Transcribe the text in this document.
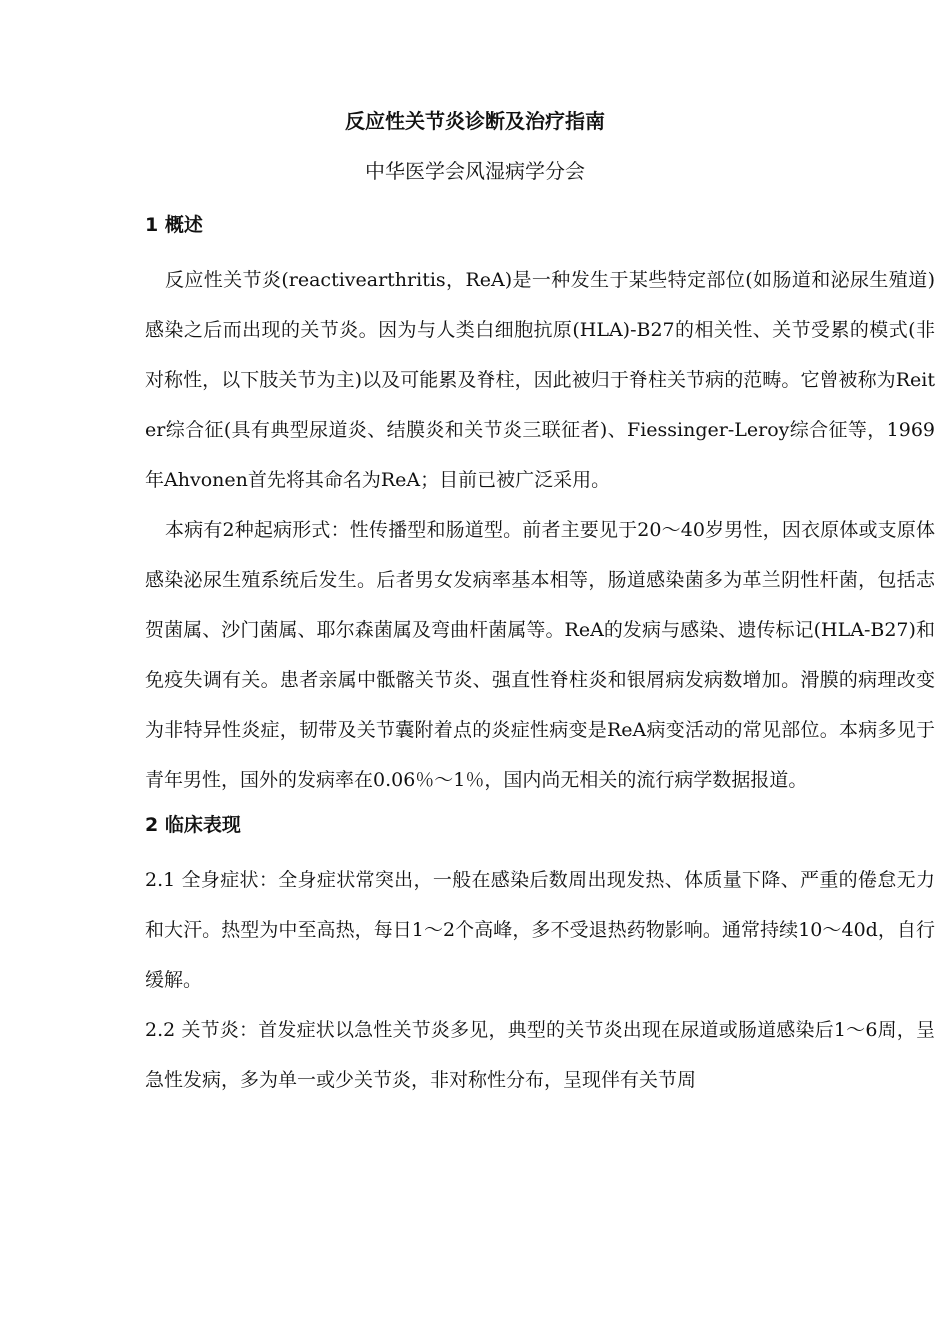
反应性关节炎诊断及治疗指南
中华医学会风湿病学分会

1 概述

反应性关节炎(reactivearthritis，ReA)是一种发生于某些特定部位(如肠道和泌尿生殖道)感染之后而出现的关节炎。因为与人类白细胞抗原(HLA)-B27的相关性、关节受累的模式(非对称性，以下肢关节为主)以及可能累及脊柱，因此被归于脊柱关节病的范畴。它曾被称为Reiter综合征(具有典型尿道炎、结膜炎和关节炎三联征者)、Fiessinger-Leroy综合征等，1969年Ahvonen首先将其命名为ReA；目前已被广泛采用。

本病有2种起病形式：性传播型和肠道型。前者主要见于20～40岁男性，因衣原体或支原体感染泌尿生殖系统后发生。后者男女发病率基本相等，肠道感染菌多为革兰阴性杆菌，包括志贺菌属、沙门菌属、耶尔森菌属及弯曲杆菌属等。ReA的发病与感染、遗传标记(HLA-B27)和免疫失调有关。患者亲属中骶髂关节炎、强直性脊柱炎和银屑病发病数增加。滑膜的病理改变为非特异性炎症，韧带及关节囊附着点的炎症性病变是ReA病变活动的常见部位。本病多见于青年男性，国外的发病率在0.06％～1％，国内尚无相关的流行病学数据报道。

2 临床表现

2.1 全身症状：全身症状常突出，一般在感染后数周出现发热、体质量下降、严重的倦怠无力和大汗。热型为中至高热，每日1～2个高峰，多不受退热药物影响。通常持续10～40d，自行缓解。

2.2 关节炎：首发症状以急性关节炎多见，典型的关节炎出现在尿道或肠道感染后1～6周，呈急性发病，多为单一或少关节炎，非对称性分布，呈现伴有关节周
